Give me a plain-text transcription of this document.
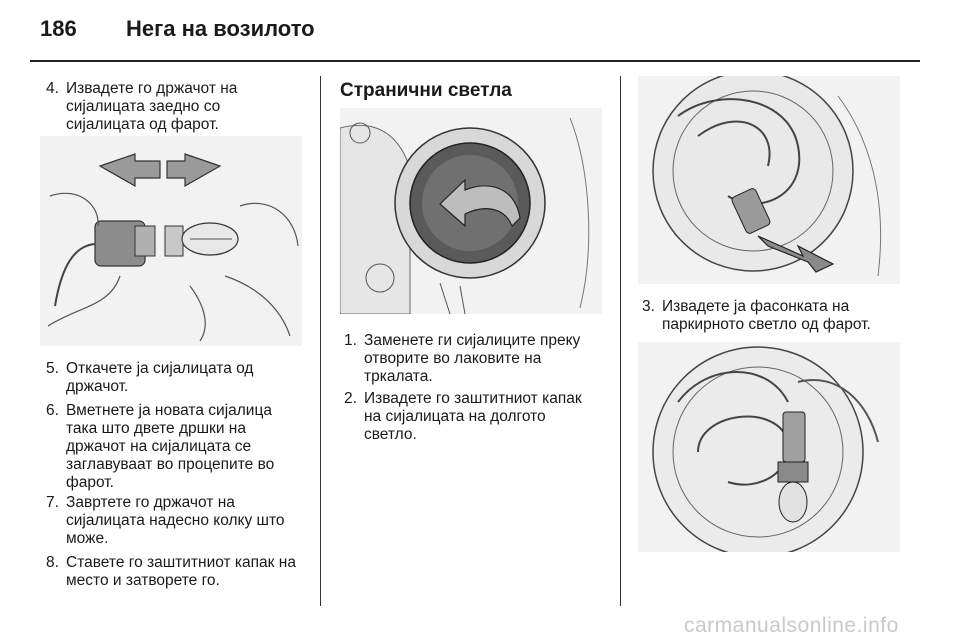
186 Нега на возилото
4. Извадете го држачот на
сијалицата заедно со
сијалицата од фарот.
5. Откачете ја сијалицата од
држачот.
6. Вметнете ја новата сијалица
така што двете дршки на
држачот на сијалицата се
заглавуваат во процепите во
фарот.
7. Завртете го држачот на
сијалицата надесно колку што
може.
8. Ставете го заштитниот капак на
место и затворете го.
Странични светла
1. Заменете ги сијалиците преку
отворите во лаковите на
тркалата.
2. Извадете го заштитниот капак
на сијалицата на долгото
светло.
3. Извадете ја фасонката на
паркирното светло од фарот.
carmanualsonline.info
